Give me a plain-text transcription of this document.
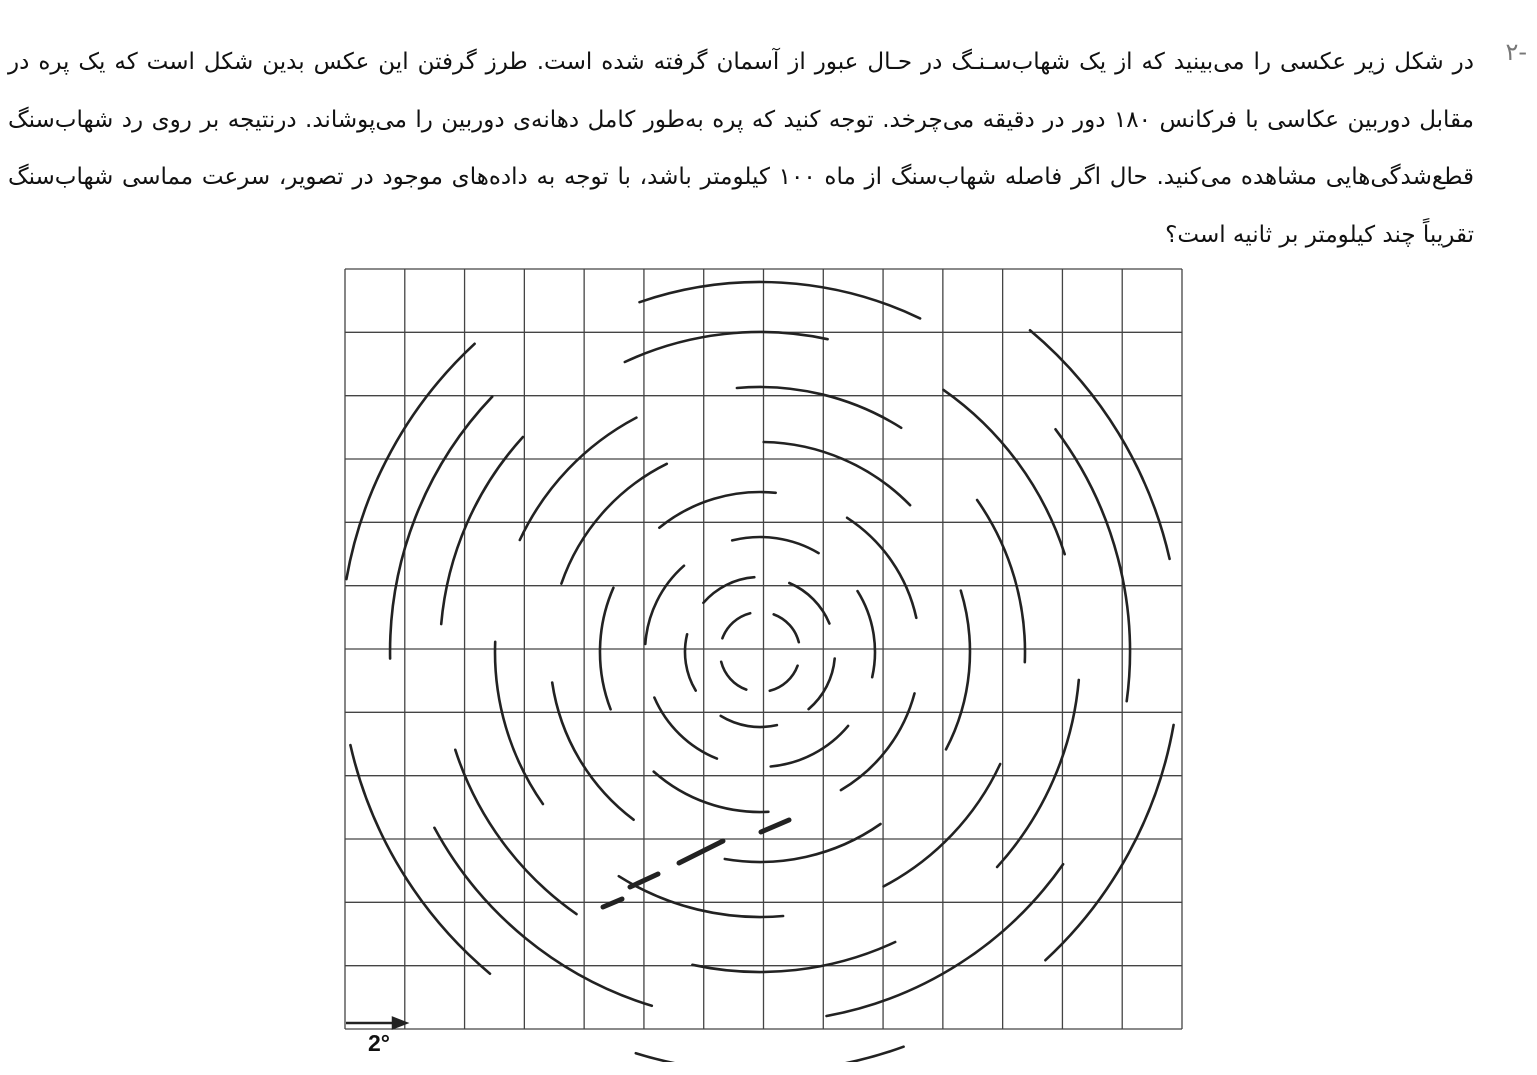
-۲
در شکل زیر عکسی را می‌بینید که از یک شهاب‌سـنـگ در حـال عبور از آسمان گرفته شده است. طرز گرفتن این عکس بدین شکل است که یک پره در مقابل دوربین عکاسی با فرکانس ۱۸۰ دور در دقیقه می‌چرخد. توجه کنید که پره به‌طور کامل دهانه‌ی دوربین را می‌پوشاند. درنتیجه بر روی رد شهاب‌سنگ قطع‌شدگی‌هایی مشاهده می‌کنید. حال اگر فاصله شهاب‌سنگ از ماه ۱۰۰ کیلومتر باشد، با توجه به داده‌های موجود در تصویر، سرعت مماسی شهاب‌سنگ تقریباً چند کیلومتر بر ثانیه است؟
2°
